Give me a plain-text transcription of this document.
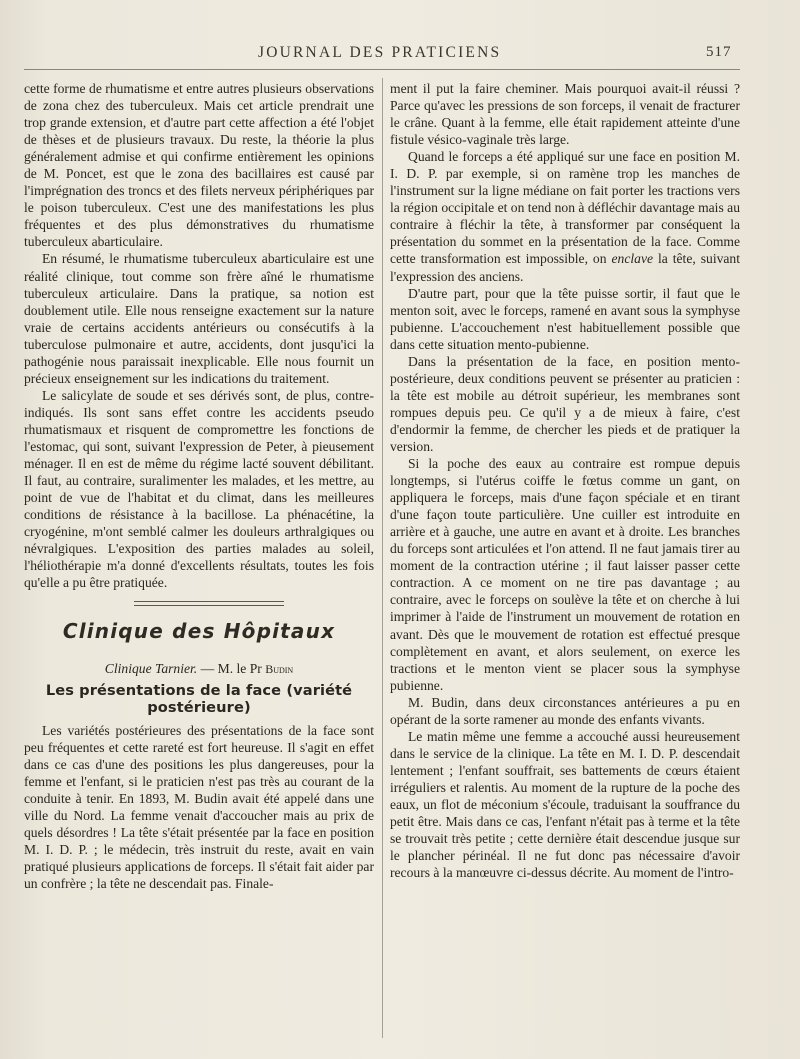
JOURNAL DES PRATICIENS	517

cette forme de rhumatisme et entre autres plusieurs observations de zona chez des tuberculeux. Mais cet article prendrait une trop grande extension, et d'autre part cette affection a été l'objet de thèses et de plusieurs travaux. Du reste, la théorie la plus généralement admise et qui confirme entièrement les opinions de M. Poncet, est que le zona des bacillaires est causé par l'imprégnation des troncs et des filets nerveux périphériques par le poison tuberculeux. C'est une des manifestations les plus fréquentes et des plus démonstratives du rhumatisme tuberculeux abarticulaire.

En résumé, le rhumatisme tuberculeux abarticulaire est une réalité clinique, tout comme son frère aîné le rhumatisme tuberculeux articulaire. Dans la pratique, sa notion est doublement utile. Elle nous renseigne exactement sur la nature vraie de certains accidents antérieurs ou consécutifs à la tuberculose pulmonaire et autre, accidents, dont jusqu'ici la pathogénie nous paraissait inexplicable. Elle nous fournit un précieux enseignement sur les indications du traitement.

Le salicylate de soude et ses dérivés sont, de plus, contre-indiqués. Ils sont sans effet contre les accidents pseudo rhumatismaux et risquent de compromettre les fonctions de l'estomac, qui sont, suivant l'expression de Peter, à pieusement ménager. Il en est de même du régime lacté souvent débilitant. Il faut, au contraire, suralimenter les malades, et les mettre, au point de vue de l'habitat et du climat, dans les meilleures conditions de résistance à la bacillose. La phénacétine, la cryogénine, m'ont semblé calmer les douleurs arthralgiques ou névralgiques. L'exposition des parties malades au soleil, l'héliothérapie m'a donné d'excellents résultats, toutes les fois qu'elle a pu être pratiquée.

Clinique des Hôpitaux
Clinique Tarnier. — M. le Pr Budin
Les présentations de la face (variété postérieure)

Les variétés postérieures des présentations de la face sont peu fréquentes et cette rareté est fort heureuse. Il s'agit en effet dans ce cas d'une des positions les plus dangereuses, pour la femme et l'enfant, si le praticien n'est pas très au courant de la conduite à tenir. En 1893, M. Budin avait été appelé dans une ville du Nord. La femme venait d'accoucher mais au prix de quels désordres ! La tête s'était présentée par la face en position M. I. D. P. ; le médecin, très instruit du reste, avait en vain pratiqué plusieurs applications de forceps. Il s'était fait aider par un confrère ; la tête ne descendait pas. Finale-

ment il put la faire cheminer. Mais pourquoi avait-il réussi ? Parce qu'avec les pressions de son forceps, il venait de fracturer le crâne. Quant à la femme, elle était rapidement atteinte d'une fistule vésico-vaginale très large.

Quand le forceps a été appliqué sur une face en position M. I. D. P. par exemple, si on ramène trop les manches de l'instrument sur la ligne médiane on fait porter les tractions vers la région occipitale et on tend non à défléchir davantage mais au contraire à fléchir la tête, à transformer par conséquent la présentation du sommet en la présentation de la face. Comme cette transformation est impossible, on enclave la tête, suivant l'expression des anciens.

D'autre part, pour que la tête puisse sortir, il faut que le menton soit, avec le forceps, ramené en avant sous la symphyse pubienne. L'accouchement n'est habituellement possible que dans cette situation mento-pubienne.

Dans la présentation de la face, en position mento-postérieure, deux conditions peuvent se présenter au praticien : la tête est mobile au détroit supérieur, les membranes sont rompues depuis peu. Ce qu'il y a de mieux à faire, c'est d'endormir la femme, de chercher les pieds et de pratiquer la version.

Si la poche des eaux au contraire est rompue depuis longtemps, si l'utérus coiffe le fœtus comme un gant, on appliquera le forceps, mais d'une façon spéciale et en tirant d'une façon toute particulière. Une cuiller est introduite en arrière et à gauche, une autre en avant et à droite. Les branches du forceps sont articulées et l'on attend. Il ne faut jamais tirer au moment de la contraction utérine ; il faut laisser passer cette contraction. A ce moment on ne tire pas davantage ; au contraire, avec le forceps on soulève la tête et on cherche à lui imprimer à l'aide de l'instrument un mouvement de rotation en avant. Dès que le mouvement de rotation est effectué presque complètement en avant, et alors seulement, on exerce les tractions et le menton vient se placer sous la symphyse pubienne.

M. Budin, dans deux circonstances antérieures a pu en opérant de la sorte ramener au monde des enfants vivants.

Le matin même une femme a accouché aussi heureusement dans le service de la clinique. La tête en M. I. D. P. descendait lentement ; l'enfant souffrait, ses battements de cœurs étaient irréguliers et ralentis. Au moment de la rupture de la poche des eaux, un flot de méconium s'écoule, traduisant la souffrance du petit être. Mais dans ce cas, l'enfant n'était pas à terme et la tête se trouvait très petite ; cette dernière était descendue jusque sur le plancher périnéal. Il ne fut donc pas nécessaire d'avoir recours à la manœuvre ci-dessus décrite. Au moment de l'intro-
